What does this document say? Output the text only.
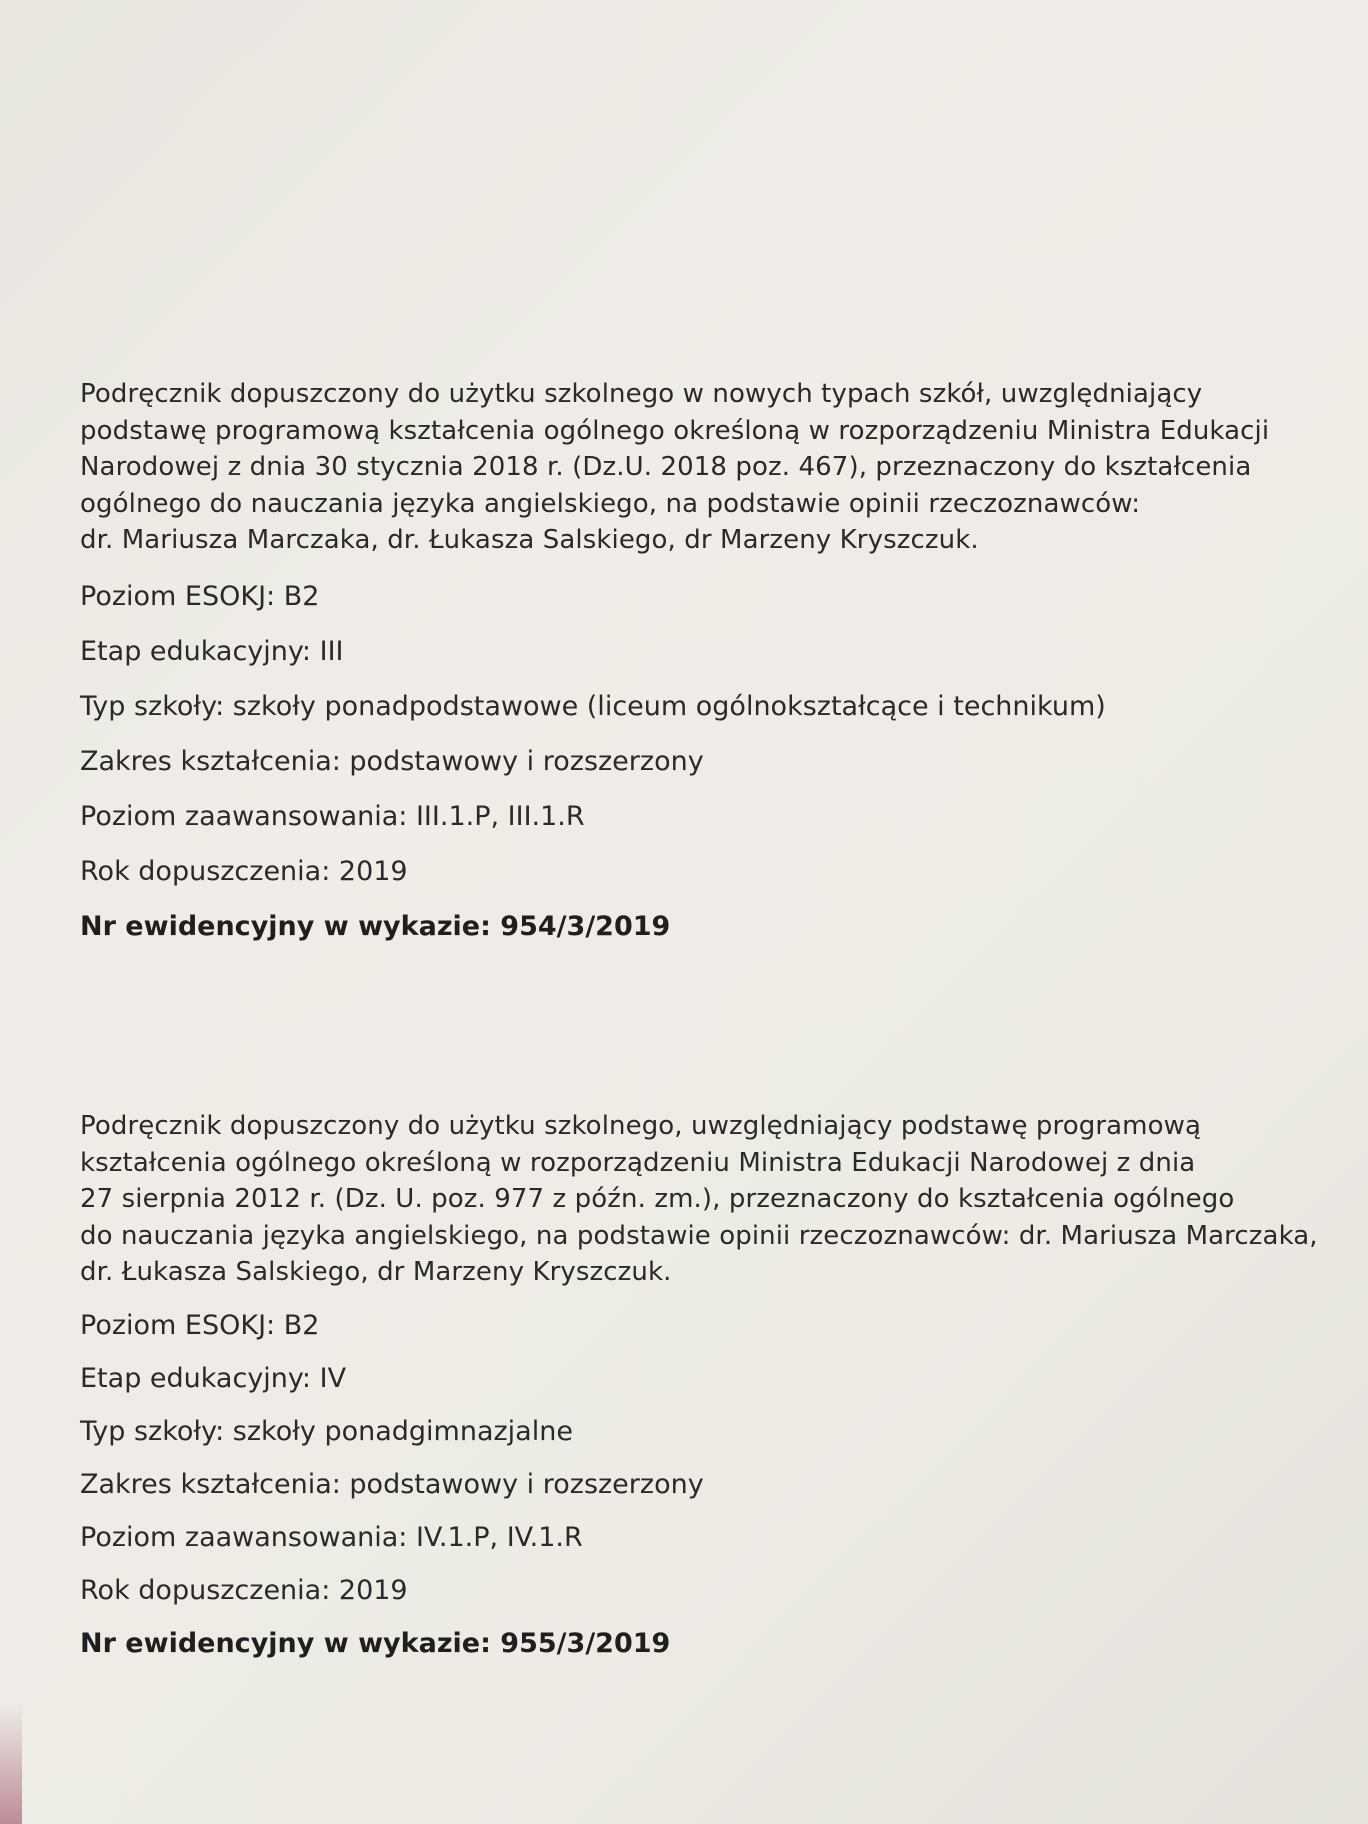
Podręcznik dopuszczony do użytku szkolnego w nowych typach szkół, uwzględniający
podstawę programową kształcenia ogólnego określoną w rozporządzeniu Ministra Edukacji
Narodowej z dnia 30 stycznia 2018 r. (Dz.U. 2018 poz. 467), przeznaczony do kształcenia
ogólnego do nauczania języka angielskiego, na podstawie opinii rzeczoznawców:
dr. Mariusza Marczaka, dr. Łukasza Salskiego, dr Marzeny Kryszczuk.

Poziom ESOKJ: B2
Etap edukacyjny: III
Typ szkoły: szkoły ponadpodstawowe (liceum ogólnokształcące i technikum)
Zakres kształcenia: podstawowy i rozszerzony
Poziom zaawansowania: III.1.P, III.1.R
Rok dopuszczenia: 2019
Nr ewidencyjny w wykazie: 954/3/2019

Podręcznik dopuszczony do użytku szkolnego, uwzględniający podstawę programową
kształcenia ogólnego określoną w rozporządzeniu Ministra Edukacji Narodowej z dnia
27 sierpnia 2012 r. (Dz. U. poz. 977 z późn. zm.), przeznaczony do kształcenia ogólnego
do nauczania języka angielskiego, na podstawie opinii rzeczoznawców: dr. Mariusza Marczaka,
dr. Łukasza Salskiego, dr Marzeny Kryszczuk.

Poziom ESOKJ: B2
Etap edukacyjny: IV
Typ szkoły: szkoły ponadgimnazjalne
Zakres kształcenia: podstawowy i rozszerzony
Poziom zaawansowania: IV.1.P, IV.1.R
Rok dopuszczenia: 2019
Nr ewidencyjny w wykazie: 955/3/2019
